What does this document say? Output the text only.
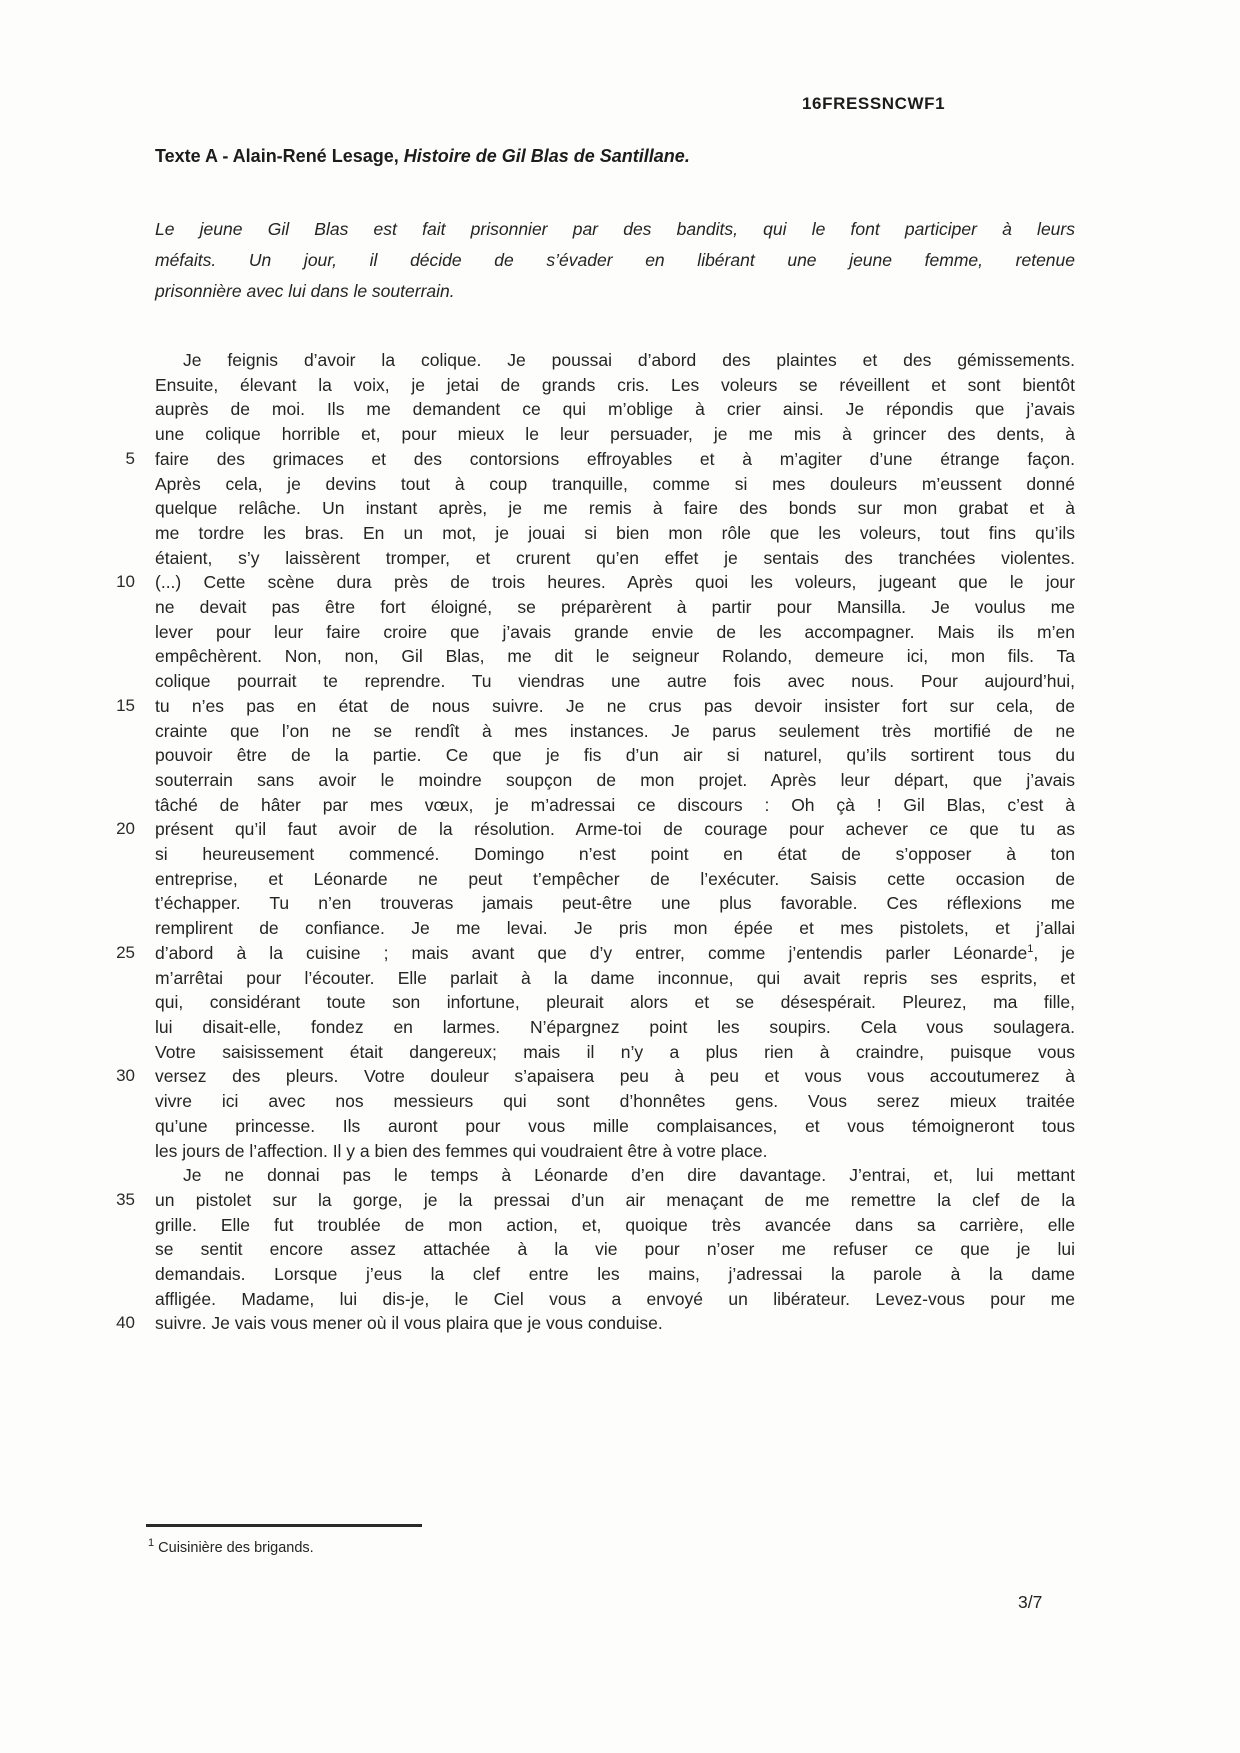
16FRESSNCWF1
Texte A - Alain-René Lesage, Histoire de Gil Blas de Santillane.
Le jeune Gil Blas est fait prisonnier par des bandits, qui le font participer à leurs
méfaits. Un jour, il décide de s’évader en libérant une jeune femme, retenue
prisonnière avec lui dans le souterrain.
Je feignis d’avoir la colique. Je poussai d’abord des plaintes et des gémissements.
Ensuite, élevant la voix, je jetai de grands cris. Les voleurs se réveillent et sont bientôt
auprès de moi. Ils me demandent ce qui m’oblige à crier ainsi. Je répondis que j’avais
une colique horrible et, pour mieux le leur persuader, je me mis à grincer des dents, à
5 faire des grimaces et des contorsions effroyables et à m’agiter d’une étrange façon.
Après cela, je devins tout à coup tranquille, comme si mes douleurs m’eussent donné
quelque relâche. Un instant après, je me remis à faire des bonds sur mon grabat et à
me tordre les bras. En un mot, je jouai si bien mon rôle que les voleurs, tout fins qu’ils
étaient, s’y laissèrent tromper, et crurent qu’en effet je sentais des tranchées violentes.
10 (...) Cette scène dura près de trois heures. Après quoi les voleurs, jugeant que le jour
ne devait pas être fort éloigné, se préparèrent à partir pour Mansilla. Je voulus me
lever pour leur faire croire que j’avais grande envie de les accompagner. Mais ils m’en
empêchèrent. Non, non, Gil Blas, me dit le seigneur Rolando, demeure ici, mon fils. Ta
colique pourrait te reprendre. Tu viendras une autre fois avec nous. Pour aujourd’hui,
15 tu n’es pas en état de nous suivre. Je ne crus pas devoir insister fort sur cela, de
crainte que l’on ne se rendît à mes instances. Je parus seulement très mortifié de ne
pouvoir être de la partie. Ce que je fis d’un air si naturel, qu’ils sortirent tous du
souterrain sans avoir le moindre soupçon de mon projet. Après leur départ, que j’avais
tâché de hâter par mes vœux, je m’adressai ce discours : Oh çà ! Gil Blas, c’est à
20 présent qu’il faut avoir de la résolution. Arme-toi de courage pour achever ce que tu as
si heureusement commencé. Domingo n’est point en état de s’opposer à ton
entreprise, et Léonarde ne peut t’empêcher de l’exécuter. Saisis cette occasion de
t’échapper. Tu n’en trouveras jamais peut-être une plus favorable. Ces réflexions me
remplirent de confiance. Je me levai. Je pris mon épée et mes pistolets, et j’allai
25 d’abord à la cuisine ; mais avant que d’y entrer, comme j’entendis parler Léonarde$^1$, je
m’arrêtai pour l’écouter. Elle parlait à la dame inconnue, qui avait repris ses esprits, et
qui, considérant toute son infortune, pleurait alors et se désespérait. Pleurez, ma fille,
lui disait-elle, fondez en larmes. N’épargnez point les soupirs. Cela vous soulagera.
Votre saisissement était dangereux; mais il n’y a plus rien à craindre, puisque vous
30 versez des pleurs. Votre douleur s’apaisera peu à peu et vous vous accoutumerez à
vivre ici avec nos messieurs qui sont d’honnêtes gens. Vous serez mieux traitée
qu’une princesse. Ils auront pour vous mille complaisances, et vous témoigneront tous
les jours de l’affection. Il y a bien des femmes qui voudraient être à votre place.
Je ne donnai pas le temps à Léonarde d’en dire davantage. J’entrai, et, lui mettant
35 un pistolet sur la gorge, je la pressai d’un air menaçant de me remettre la clef de la
grille. Elle fut troublée de mon action, et, quoique très avancée dans sa carrière, elle
se sentit encore assez attachée à la vie pour n’oser me refuser ce que je lui
demandais. Lorsque j’eus la clef entre les mains, j’adressai la parole à la dame
affligée. Madame, lui dis-je, le Ciel vous a envoyé un libérateur. Levez-vous pour me
40 suivre. Je vais vous mener où il vous plaira que je vous conduise.
$^1$ Cuisinière des brigands.
3/7
